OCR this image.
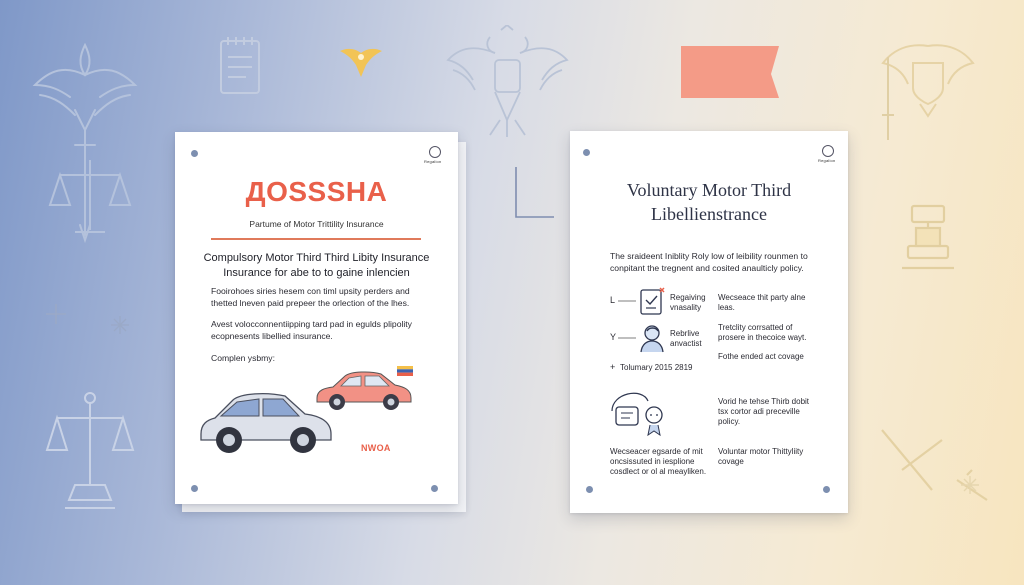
Regalion
ДOSSSHA
Partume of Motor Trittility Insurance
Compulsory Motor Third Third Libity Insurance
Insurance for abe to to gaine inlencien
Fooirohoes siries hesem con timl upsity perders and
thetted lneven paid prepeer the orlection of the lhes.
Avest volocconnentiipping tard pad in egulds plipolity
ecopnesents libellied insurance.
Complen ysbmy:
NWOA
Regalion
Voluntary Motor Third
Libellienstrance
The sraideent Iniblity Roly low of leibility rounmen to
conpitant the tregnent and cosited anaulticly policy.
L	Regaiving
vnasality
Wecseace thit party alne
leas.
Y	Rebrlive
anvactist
Tretclity corrsatted of
prosere in thecoice wayt.
+ Tolumary 2015 2819
Fothe ended act covage
Vorid he tehse Thirb dobit
tsx cortor adi preceville
policy.
Wecseacer egsarde of mit
oncsissuted in iesplione
cosdlect or ol al meayliken.
Voluntar motor Thittyliity
covage
